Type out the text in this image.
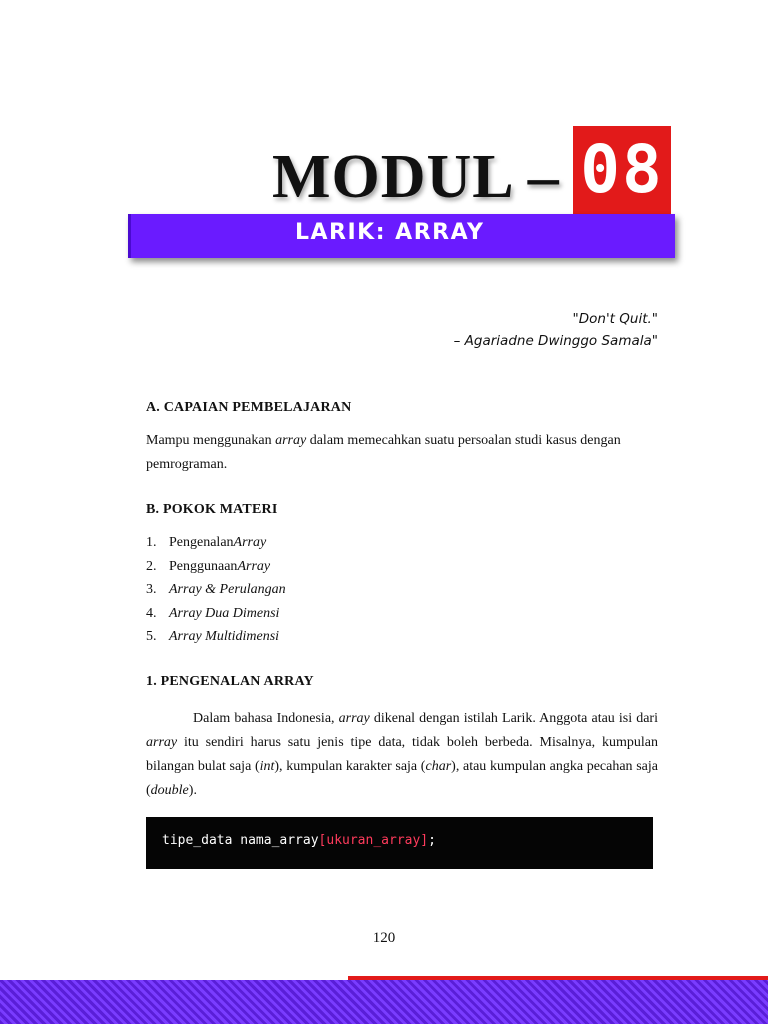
MODUL – 08
LARIK: ARRAY
"Don't Quit."
– Agariadne Dwinggo Samala"
A. CAPAIAN PEMBELAJARAN
Mampu menggunakan array dalam memecahkan suatu persoalan studi kasus dengan pemrograman.
B. POKOK MATERI
1. Pengenalan Array
2. Penggunaan Array
3. Array & Perulangan
4. Array Dua Dimensi
5. Array Multidimensi
1. PENGENALAN ARRAY
Dalam bahasa Indonesia, array dikenal dengan istilah Larik. Anggota atau isi dari array itu sendiri harus satu jenis tipe data, tidak boleh berbeda. Misalnya, kumpulan bilangan bulat saja (int), kumpulan karakter saja (char), atau kumpulan angka pecahan saja (double).
tipe_data nama_array[ukuran_array];
120
